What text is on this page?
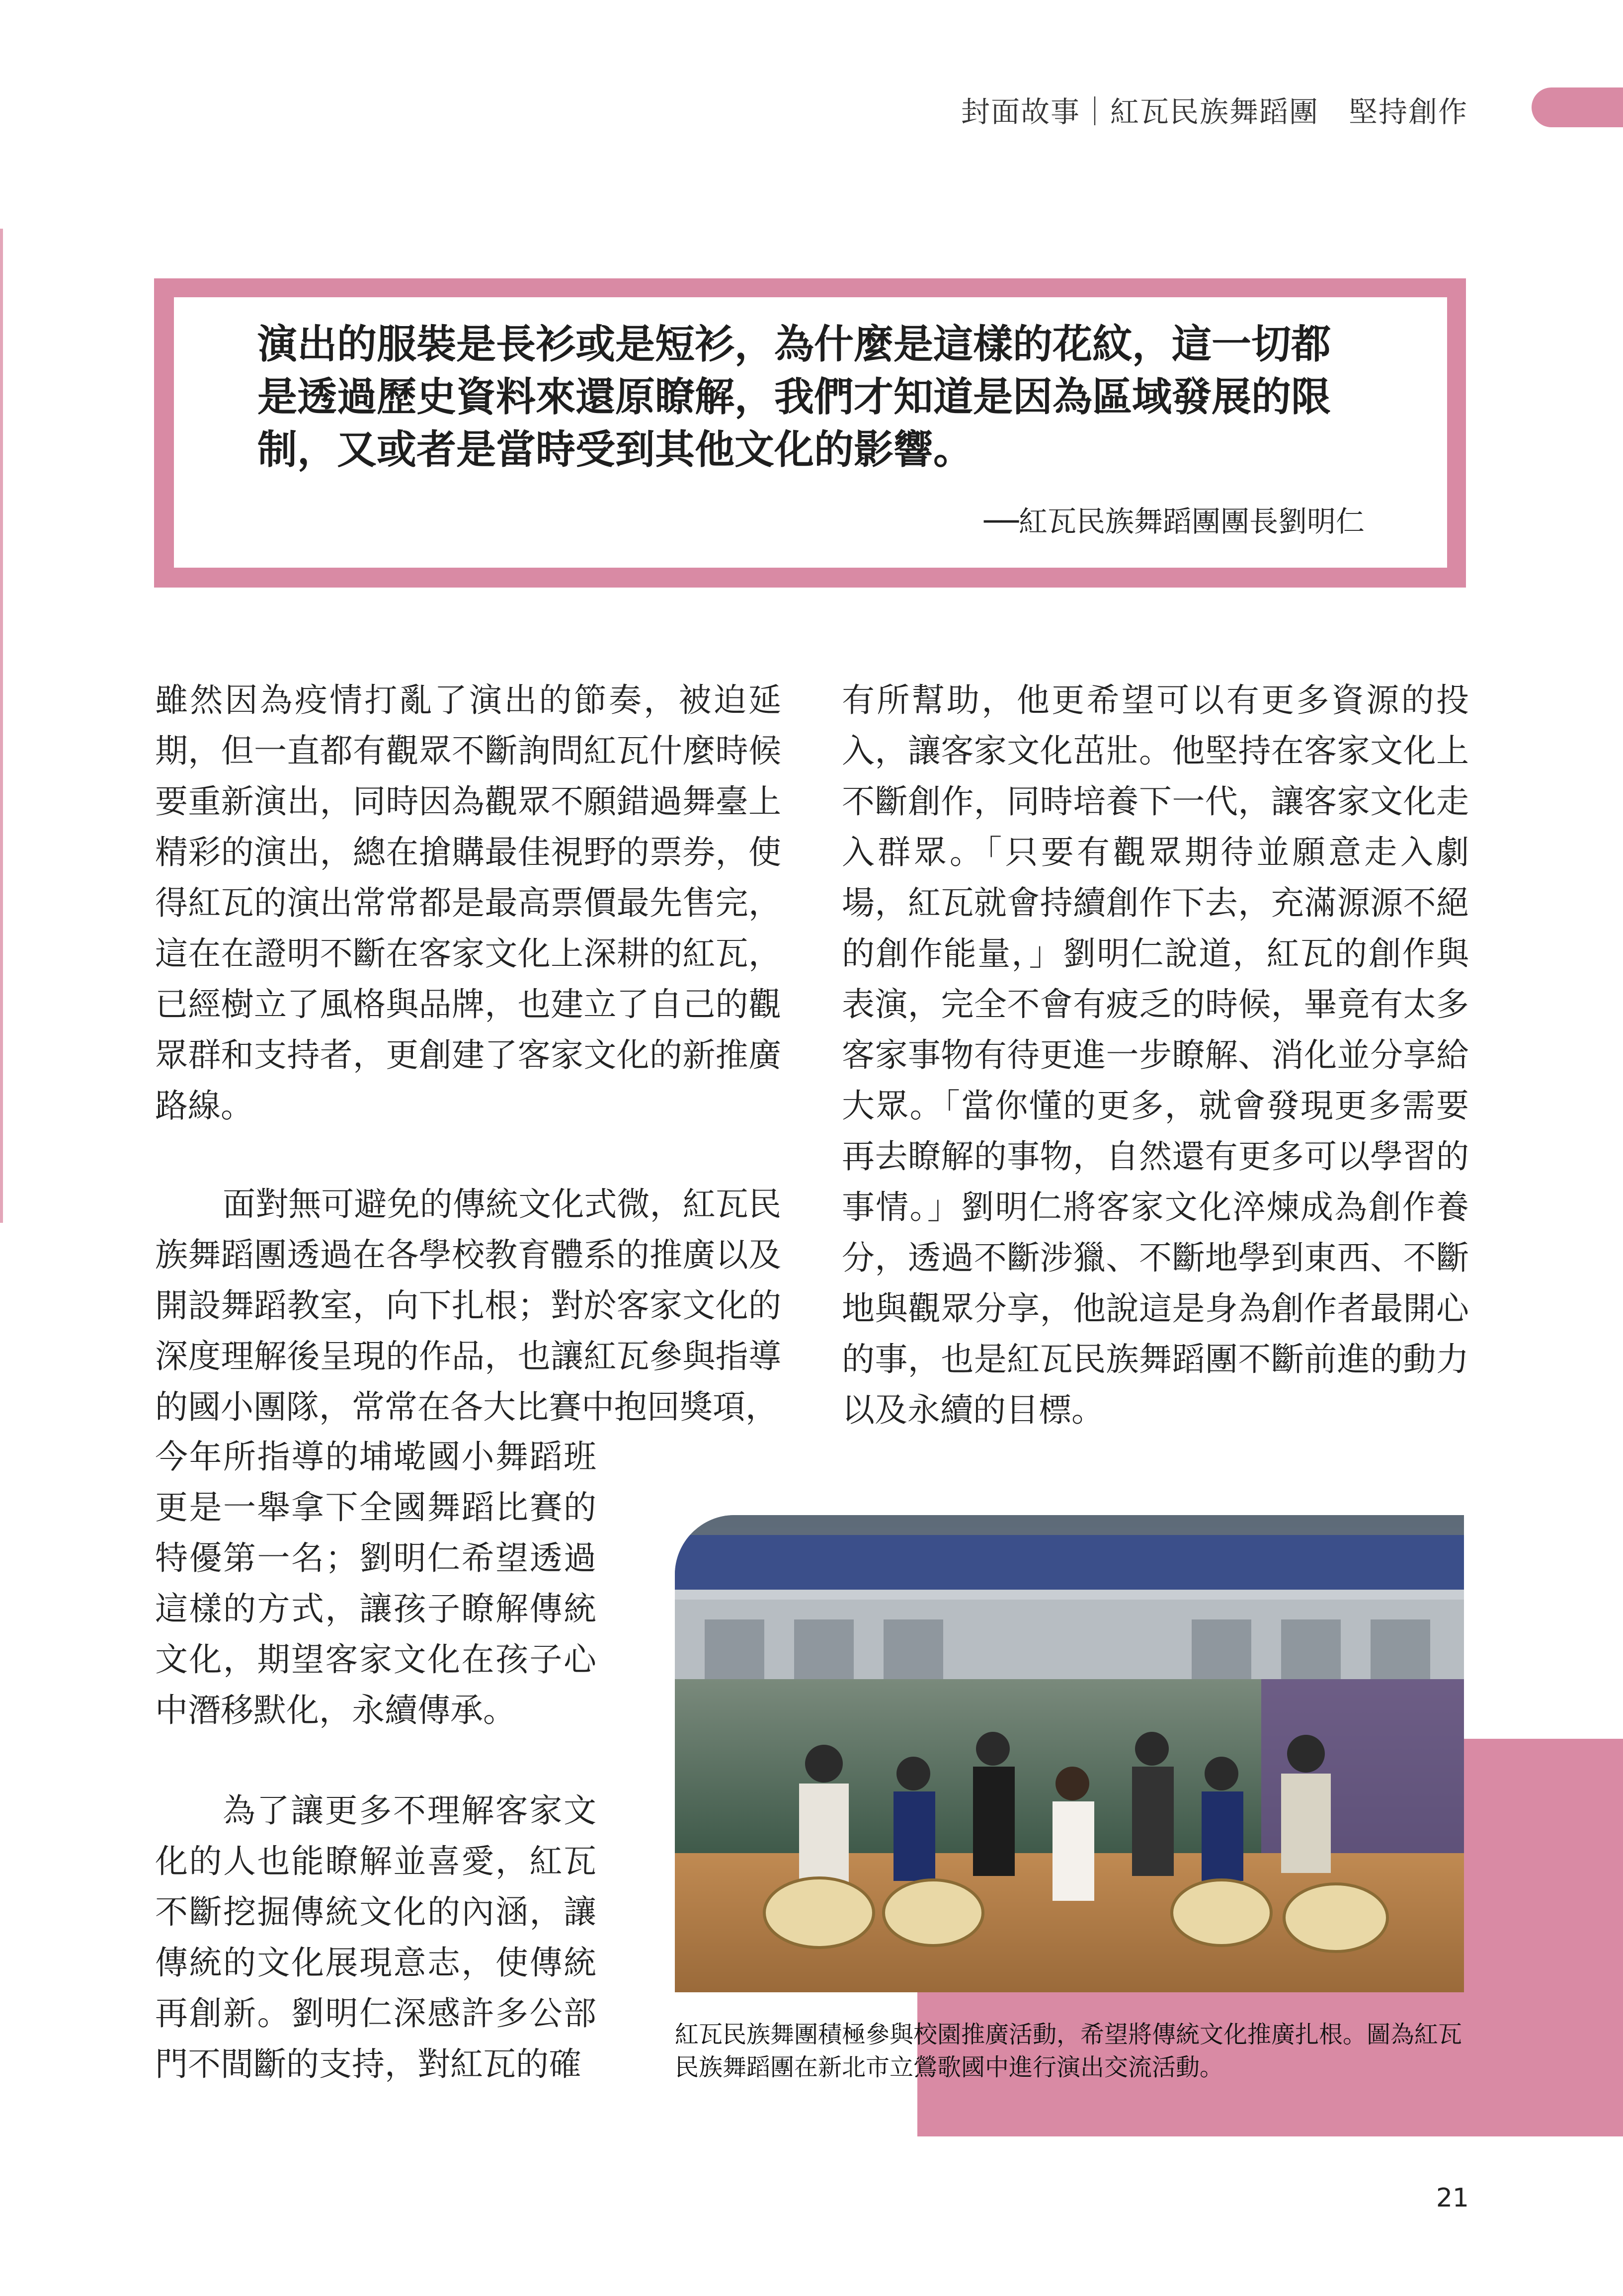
封面故事｜紅瓦民族舞蹈團　堅持創作
演出的服裝是長衫或是短衫，為什麼是這樣的花紋，這一切都
是透過歷史資料來還原瞭解，我們才知道是因為區域發展的限
制，又或者是當時受到其他文化的影響。
──紅瓦民族舞蹈團團長劉明仁

雖然因為疫情打亂了演出的節奏，被迫延期，但一直都有觀眾不斷詢問紅瓦什麼時候要重新演出，同時因為觀眾不願錯過舞臺上精彩的演出，總在搶購最佳視野的票券，使得紅瓦的演出常常都是最高票價最先售完，這在在證明不斷在客家文化上深耕的紅瓦，已經樹立了風格與品牌，也建立了自己的觀眾群和支持者，更創建了客家文化的新推廣路線。

面對無可避免的傳統文化式微，紅瓦民族舞蹈團透過在各學校教育體系的推廣以及開設舞蹈教室，向下扎根；對於客家文化的深度理解後呈現的作品，也讓紅瓦參與指導的國小團隊，常常在各大比賽中抱回獎項，

今年所指導的埔墘國小舞蹈班更是一舉拿下全國舞蹈比賽的特優第一名；劉明仁希望透過這樣的方式，讓孩子瞭解傳統文化，期望客家文化在孩子心中潛移默化，永續傳承。

為了讓更多不理解客家文化的人也能瞭解並喜愛，紅瓦不斷挖掘傳統文化的內涵，讓傳統的文化展現意志，使傳統再創新。劉明仁深感許多公部門不間斷的支持，對紅瓦的確

有所幫助，他更希望可以有更多資源的投入，讓客家文化茁壯。他堅持在客家文化上不斷創作，同時培養下一代，讓客家文化走入群眾。「只要有觀眾期待並願意走入劇場，紅瓦就會持續創作下去，充滿源源不絕的創作能量，」劉明仁說道，紅瓦的創作與表演，完全不會有疲乏的時候，畢竟有太多客家事物有待更進一步瞭解、消化並分享給大眾。「當你懂的更多，就會發現更多需要再去瞭解的事物，自然還有更多可以學習的事情。」劉明仁將客家文化淬煉成為創作養分，透過不斷涉獵、不斷地學到東西、不斷地與觀眾分享，他說這是身為創作者最開心的事，也是紅瓦民族舞蹈團不斷前進的動力以及永續的目標。

紅瓦民族舞團積極參與校園推廣活動，希望將傳統文化推廣扎根。圖為紅瓦民族舞蹈團在新北市立鶯歌國中進行演出交流活動。

21
